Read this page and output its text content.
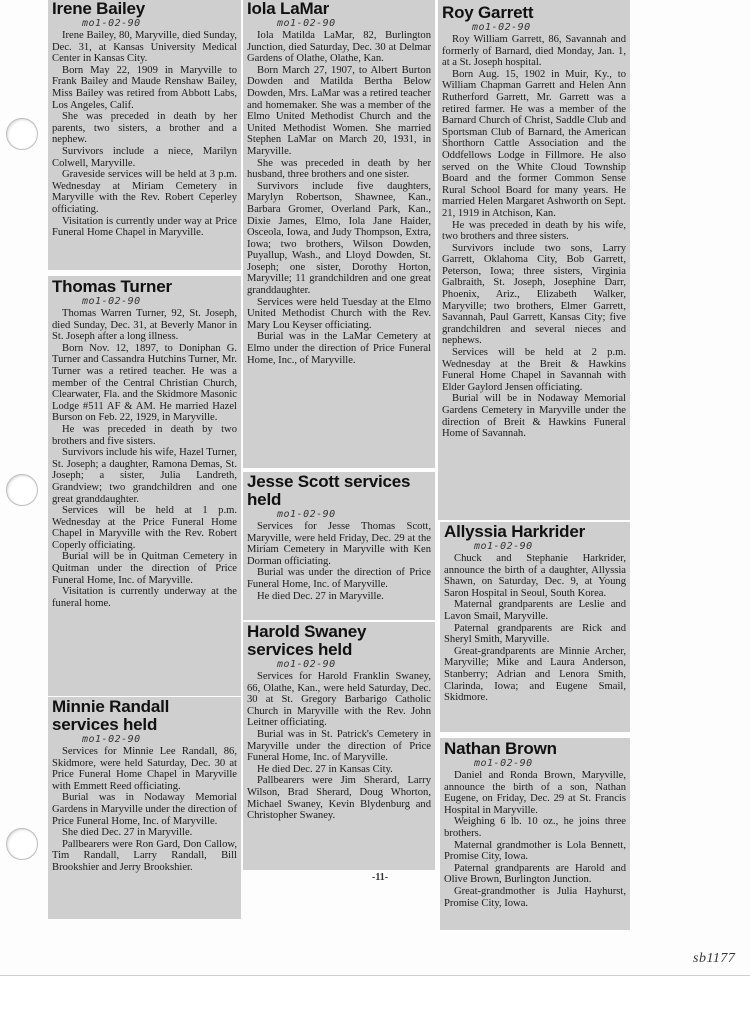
Irene Bailey
mo1-02-90

Irene Bailey, 80, Maryville, died Sunday, Dec. 31, at Kansas University Medical Center in Kansas City.

Born May 22, 1909 in Maryville to Frank Bailey and Maude Renshaw Bailey, Miss Bailey was retired from Abbott Labs, Los Angeles, Calif.

She was preceded in death by her parents, two sisters, a brother and a nephew.

Survivors include a niece, Marilyn Colwell, Maryville.

Graveside services will be held at 3 p.m. Wednesday at Miriam Cemetery in Maryville with the Rev. Robert Ceperley officiating.

Visitation is currently under way at Price Funeral Home Chapel in Maryville.

Thomas Turner
mo1-02-90

Thomas Warren Turner, 92, St. Joseph, died Sunday, Dec. 31, at Beverly Manor in St. Joseph after a long illness.

Born Nov. 12, 1897, to Doniphan G. Turner and Cassandra Hutchins Turner, Mr. Turner was a retired teacher. He was a member of the Central Christian Church, Clearwater, Fla. and the Skidmore Masonic Lodge #511 AF & AM. He married Hazel Burson on Feb. 22, 1929, in Maryville.

He was preceded in death by two brothers and five sisters.

Survivors include his wife, Hazel Turner, St. Joseph; a daughter, Ramona Demas, St. Joseph; a sister, Julia Landreth, Grandview; two grandchildren and one great granddaughter.

Services will be held at 1 p.m. Wednesday at the Price Funeral Home Chapel in Maryville with the Rev. Robert Coperly officiating.

Burial will be in Quitman Cemetery in Quitman under the direction of Price Funeral Home, Inc. of Maryville.

Visitation is currently underway at the funeral home.

Minnie Randall services held
mo1-02-90

Services for Minnie Lee Randall, 86, Skidmore, were held Saturday, Dec. 30 at Price Funeral Home Chapel in Maryville with Emmett Reed officiating.

Burial was in Nodaway Memorial Gardens in Maryville under the direction of Price Funeral Home, Inc. of Maryville.

She died Dec. 27 in Maryville.

Pallbearers were Ron Gard, Don Callow, Tim Randall, Larry Randall, Bill Brookshier and Jerry Brookshier.

Iola LaMar
mo1-02-90

Iola Matilda LaMar, 82, Burlington Junction, died Saturday, Dec. 30 at Delmar Gardens of Olathe, Olathe, Kan.

Born March 27, 1907, to Albert Burton Dowden and Matilda Bertha Below Dowden, Mrs. LaMar was a retired teacher and homemaker. She was a member of the Elmo United Methodist Church and the United Methodist Women. She married Stephen LaMar on March 20, 1931, in Maryville.

She was preceded in death by her husband, three brothers and one sister.

Survivors include five daughters, Marylyn Robertson, Shawnee, Kan., Barbara Gromer, Overland Park, Kan., Dixie James, Elmo, Iola Jane Haider, Osceola, Iowa, and Judy Thompson, Extra, Iowa; two brothers, Wilson Dowden, Puyallup, Wash., and Lloyd Dowden, St. Joseph; one sister, Dorothy Horton, Maryville; 11 grandchildren and one great granddaughter.

Services were held Tuesday at the Elmo United Methodist Church with the Rev. Mary Lou Keyser officiating.

Burial was in the LaMar Cemetery at Elmo under the direction of Price Funeral Home, Inc., of Maryville.

Jesse Scott services held
mo1-02-90

Services for Jesse Thomas Scott, Maryville, were held Friday, Dec. 29 at the Miriam Cemetery in Maryville with Ken Dorman officiating.

Burial was under the direction of Price Funeral Home, Inc. of Maryville.

He died Dec. 27 in Maryville.

Harold Swaney services held
mo1-02-90

Services for Harold Franklin Swaney, 66, Olathe, Kan., were held Saturday, Dec. 30 at St. Gregory Barbarigo Catholic Church in Maryville with the Rev. John Leitner officiating.

Burial was in St. Patrick's Cemetery in Maryville under the direction of Price Funeral Home, Inc. of Maryville.

He died Dec. 27 in Kansas City.

Pallbearers were Jim Sherard, Larry Wilson, Brad Sherard, Doug Whorton, Michael Swaney, Kevin Blydenburg and Christopher Swaney.

Roy Garrett
mo1-02-90

Roy William Garrett, 86, Savannah and formerly of Barnard, died Monday, Jan. 1, at a St. Joseph hospital.

Born Aug. 15, 1902 in Muir, Ky., to William Chapman Garrett and Helen Ann Rutherford Garrett, Mr. Garrett was a retired farmer. He was a member of the Barnard Church of Christ, Saddle Club and Sportsman Club of Barnard, the American Shorthorn Cattle Association and the Oddfellows Lodge in Fillmore. He also served on the White Cloud Township Board and the former Common Sense Rural School Board for many years. He married Helen Margaret Ashworth on Sept. 21, 1919 in Atchison, Kan.

He was preceded in death by his wife, two brothers and three sisters.

Survivors include two sons, Larry Garrett, Oklahoma City, Bob Garrett, Peterson, Iowa; three sisters, Virginia Galbraith, St. Joseph, Josephine Darr, Phoenix, Ariz., Elizabeth Walker, Maryville; two brothers, Elmer Garrett, Savannah, Paul Garrett, Kansas City; five grandchildren and several nieces and nephews.

Services will be held at 2 p.m. Wednesday at the Breit & Hawkins Funeral Home Chapel in Savannah with Elder Gaylord Jensen officiating.

Burial will be in Nodaway Memorial Gardens Cemetery in Maryville under the direction of Breit & Hawkins Funeral Home of Savannah.

Allyssia Harkrider
mo1-02-90

Chuck and Stephanie Harkrider, announce the birth of a daughter, Allyssia Shawn, on Saturday, Dec. 9, at Young Saron Hospital in Seoul, South Korea.

Maternal grandparents are Leslie and Lavon Smail, Maryville.

Paternal grandparents are Rick and Sheryl Smith, Maryville.

Great-grandparents are Minnie Archer, Maryville; Mike and Laura Anderson, Stanberry; Adrian and Lenora Smith, Clarinda, Iowa; and Eugene Smail, Skidmore.

Nathan Brown
mo1-02-90

Daniel and Ronda Brown, Maryville, announce the birth of a son, Nathan Eugene, on Friday, Dec. 29 at St. Francis Hospital in Maryville.

Weighing 6 lb. 10 oz., he joins three brothers.

Maternal grandmother is Lola Bennett, Promise City, Iowa.

Paternal grandparents are Harold and Olive Brown, Burlington Junction.

Great-grandmother is Julia Hayhurst, Promise City, Iowa.

-11-
sb1177
